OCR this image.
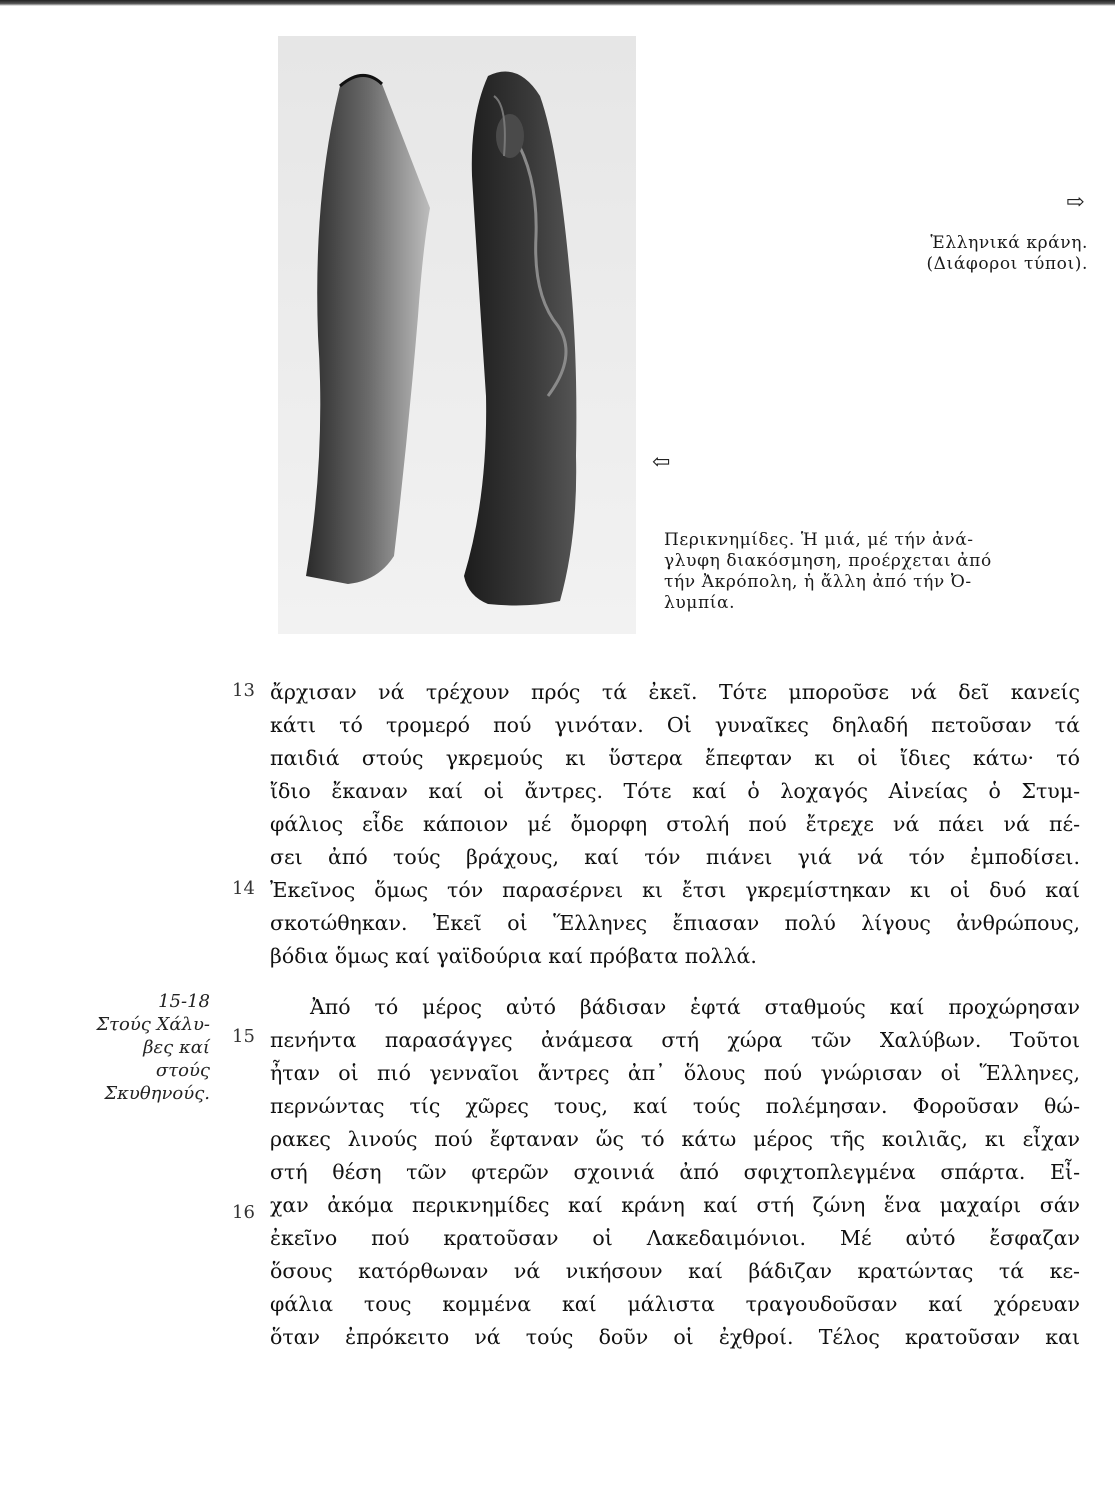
⇨
Ἑλληνικά κράνη.
(Διάφοροι τύποι).
⇦
Περικνημίδες. Ἡ μιά, μέ τήν ἀνά-
γλυφη διακόσμηση, προέρχεται ἀπό
τήν Ἀκρόπολη, ἡ ἄλλη ἀπό τήν Ὀ-
λυμπία.
13
14
15
16
15-18
Στούς Χάλυ-
βες καί στούς
Σκυθηνούς.
ἄρχισαν νά τρέχουν πρός τά ἐκεῖ. Τότε μποροῦσε νά δεῖ κανείς
κάτι τό τρομερό πού γινόταν. Οἱ γυναῖκες δηλαδή πετοῦσαν τά
παιδιά στούς γκρεμούς κι ὕστερα ἔπεφταν κι οἱ ἴδιες κάτω· τό
ἴδιο ἔκαναν καί οἱ ἄντρες. Τότε καί ὁ λοχαγός Αἰνείας ὁ Στυμ-
φάλιος εἶδε κάποιον μέ ὄμορφη στολή πού ἔτρεχε νά πάει νά πέ-
σει ἀπό τούς βράχους, καί τόν πιάνει γιά νά τόν ἐμποδίσει.
Ἐκεῖνος ὅμως τόν παρασέρνει κι ἔτσι γκρεμίστηκαν κι οἱ δυό καί
σκοτώθηκαν. Ἐκεῖ οἱ Ἕλληνες ἔπιασαν πολύ λίγους ἀνθρώπους,
βόδια ὅμως καί γαϊδούρια καί πρόβατα πολλά.
Ἀπό τό μέρος αὐτό βάδισαν ἑφτά σταθμούς καί προχώρησαν
πενήντα παρασάγγες ἀνάμεσα στή χώρα τῶν Χαλύβων. Τοῦτοι
ἦταν οἱ πιό γενναῖοι ἄντρες ἀπ᾽ ὅλους πού γνώρισαν οἱ Ἕλληνες,
περνώντας τίς χῶρες τους, καί τούς πολέμησαν. Φοροῦσαν θώ-
ρακες λινούς πού ἔφταναν ὥς τό κάτω μέρος τῆς κοιλιᾶς, κι εἶχαν
στή θέση τῶν φτερῶν σχοινιά ἀπό σφιχτοπλεγμένα σπάρτα. Εἶ-
χαν ἀκόμα περικνημίδες καί κράνη καί στή ζώνη ἕνα μαχαίρι σάν
ἐκεῖνο πού κρατοῦσαν οἱ Λακεδαιμόνιοι. Μέ αὐτό ἔσφαζαν
ὅσους κατόρθωναν νά νικήσουν καί βάδιζαν κρατώντας τά κε-
φάλια τους κομμένα καί μάλιστα τραγουδοῦσαν καί χόρευαν
ὅταν ἐπρόκειτο νά τούς δοῦν οἱ ἐχθροί. Τέλος κρατοῦσαν και
